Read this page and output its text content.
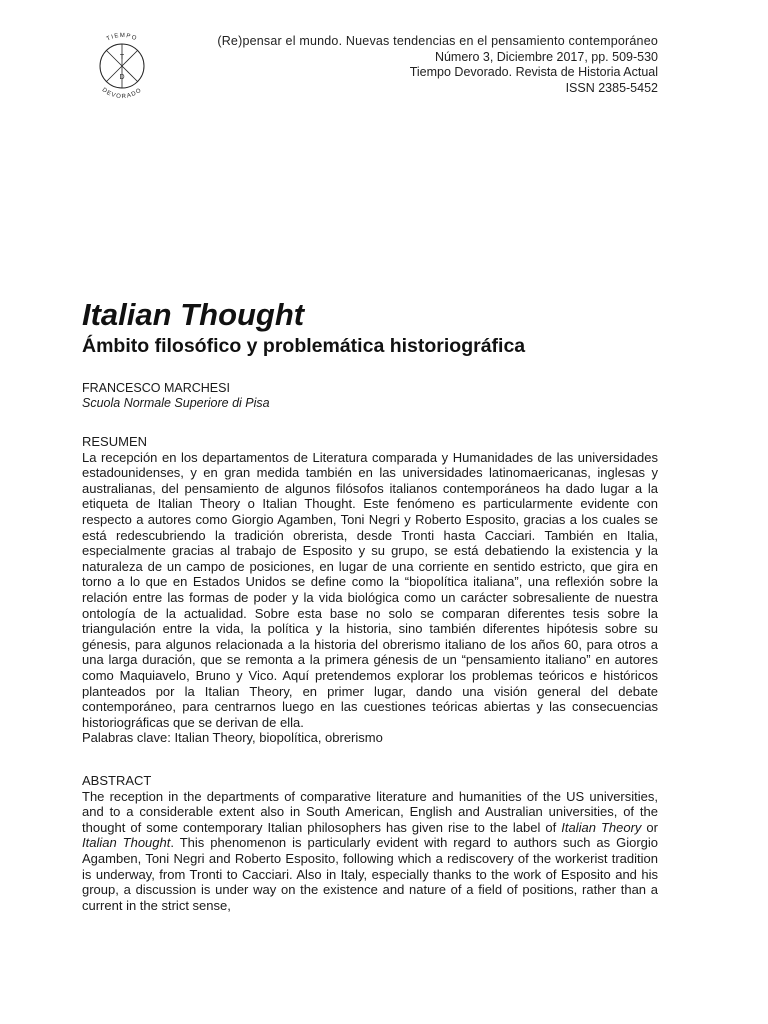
T
D
TIEMPO
DEVORADO
(Re)pensar el mundo. Nuevas tendencias en el pensamiento contemporáneo
Número 3, Diciembre 2017, pp. 509-530
Tiempo Devorado. Revista de Historia Actual
ISSN 2385-5452
Italian Thought
Ámbito filosófico y problemática historiográfica
FRANCESCO MARCHESI
Scuola Normale Superiore di Pisa
RESUMEN

La recepción en los departamentos de Literatura comparada y Humanidades de las universidades estadounidenses, y en gran medida también en las universidades latinomaericanas, inglesas y australianas, del pensamiento de algunos filósofos italianos contemporáneos ha dado lugar a la etiqueta de Italian Theory o Italian Thought. Este fenómeno es particularmente evidente con respecto a autores como Giorgio Agamben, Toni Negri y Roberto Esposito, gracias a los cuales se está redescubriendo la tradición obrerista, desde Tronti hasta Cacciari. También en Italia, especialmente gracias al trabajo de Esposito y su grupo, se está debatiendo la existencia y la naturaleza de un campo de posiciones, en lugar de una corriente en sentido estricto, que gira en torno a lo que en Estados Unidos se define como la “biopolítica italiana”, una reflexión sobre la relación entre las formas de poder y la vida biológica como un carácter sobresaliente de nuestra ontología de la actualidad. Sobre esta base no solo se comparan diferentes tesis sobre la triangulación entre la vida, la política y la historia, sino también diferentes hipótesis sobre su génesis, para algunos relacionada a la historia del obrerismo italiano de los años 60, para otros a una larga duración, que se remonta a la primera génesis de un “pensamiento italiano” en autores como Maquiavelo, Bruno y Vico. Aquí pretendemos explorar los problemas teóricos e históricos planteados por la Italian Theory, en primer lugar, dando una visión general del debate contemporáneo, para centrarnos luego en las cuestiones teóricas abiertas y las consecuencias historiográficas que se derivan de ella.

Palabras clave: Italian Theory, biopolítica, obrerismo

ABSTRACT

The reception in the departments of comparative literature and humanities of the US universities, and to a considerable extent also in South American, English and Australian universities, of the thought of some contemporary Italian philosophers has given rise to the label of Italian Theory or Italian Thought. This phenomenon is particularly evident with regard to authors such as Giorgio Agamben, Toni Negri and Roberto Esposito, following which a rediscovery of the workerist tradition is underway, from Tronti to Cacciari. Also in Italy, especially thanks to the work of Esposito and his group, a discussion is under way on the existence and nature of a field of positions, rather than a current in the strict sense,
